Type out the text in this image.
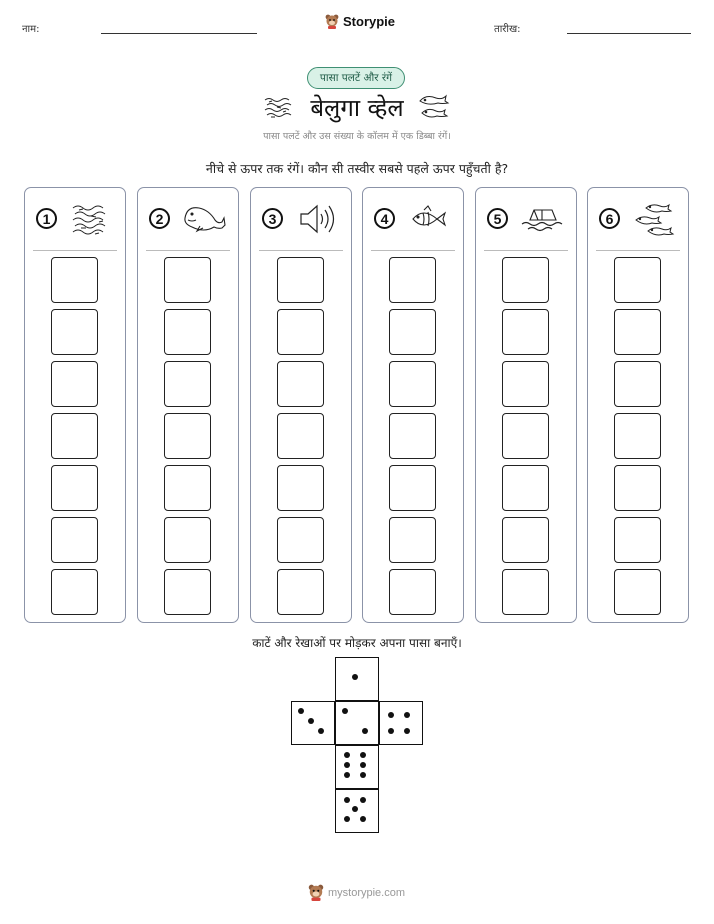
नाम:
Storypie
तारीख:
पासा पलटें और रंगें
बेलुगा व्हेल
पासा पलटें और उस संख्या के कॉलम में एक डिब्बा रंगें।
नीचे से ऊपर तक रंगें। कौन सी तस्वीर सबसे पहले ऊपर पहुँचती है?
1	2	3	4	5	6
काटें और रेखाओं पर मोड़कर अपना पासा बनाएँ।
mystorypie.com
